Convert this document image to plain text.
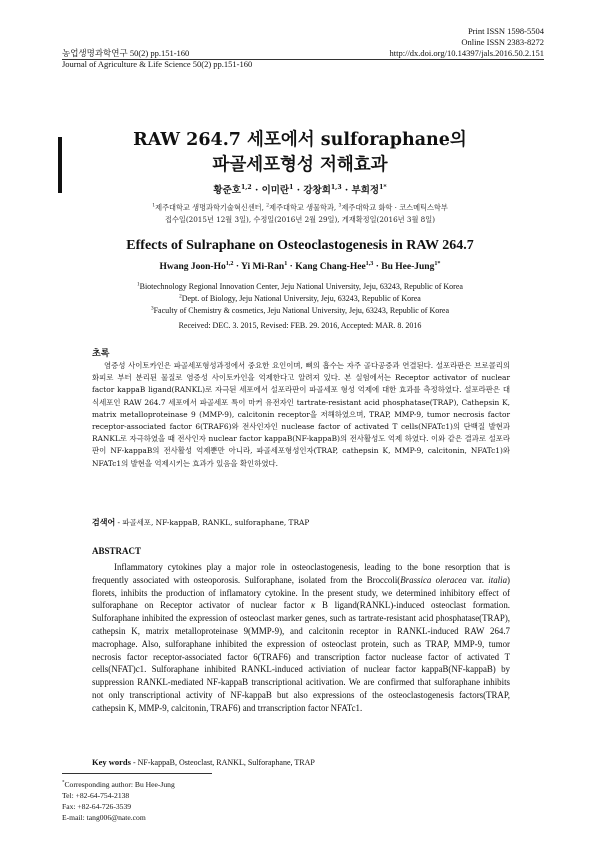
Print ISSN 1598-5504
Online ISSN 2383-8272
농업생명과학연구 50(2) pp.151-160
Journal of Agriculture & Life Science 50(2) pp.151-160
http://dx.doi.org/10.14397/jals.2016.50.2.151
RAW 264.7 세포에서 sulforaphane의
파골세포형성 저해효과
황준호$^{1,2}$ · 이미란$^1$ · 강창희$^{1,3}$ · 부희정$^{1*}$
$^1$제주대학교 생명과학기술혁신센터, $^2$제주대학교 생물학과, $^3$제주대학교 화학 · 코스메틱스학부
접수일(2015년 12월 3일), 수정일(2016년 2월 29일), 게재확정일(2016년 3월 8일)
Effects of Sulraphane on Osteoclastogenesis in RAW 264.7
Hwang Joon-Ho$^{1,2}$ · Yi Mi-Ran$^1$ · Kang Chang-Hee$^{1,3}$ · Bu Hee-Jung$^{1*}$
$^1$Biotechnology Regional Innovation Center, Jeju National University, Jeju, 63243, Republic of Korea
$^2$Dept. of Biology, Jeju National University, Jeju, 63243, Republic of Korea
$^3$Faculty of Chemistry & cosmetics, Jeju National University, Jeju, 63243, Republic of Korea
Received: DEC. 3. 2015, Revised: FEB. 29. 2016, Accepted: MAR. 8. 2016
초록
염증성 사이토카인은 파골세포형성과정에서 중요한 요인이며, 뼈의 흡수는 자주 골다공증과 연결된다. 설포라판은 브로콜리의 화피로 부터 분리된 물질로 염증성 사이토카인을 억제한다고 알려져 있다. 본 실험에서는 Receptor activator of nuclear factor kappaB ligand(RANKL)로 자극된 세포에서 설포라판이 파골세포 형성 억제에 대한 효과를 측정하였다. 설포라판은 대식세포인 RAW 264.7 세포에서 파골세포 특이 마커 유전자인 tartrate-resistant acid phosphatase(TRAP), Cathepsin K, matrix metalloproteinase 9 (MMP-9), calcitonin receptor을 저해하였으며, TRAP, MMP-9, tumor necrosis factor receptor-associated factor 6(TRAF6)와 전사인자인 nuclease factor of activated T cells(NFATc1)의 단백질 발현과 RANKL로 자극하였을 때 전사인자 nuclear factor kappaB(NF-kappaB)의 전사활성도 억제 하였다. 이와 같은 결과로 설포라판이 NF-kappaB의 전사활성 억제뿐만 아니라, 파골세포형성인자(TRAP, cathepsin K, MMP-9, calcitonin, NFATc1)와 NFATc1의 발현을 억제시키는 효과가 있음을 확인하였다.
검색어 - 파골세포, NF-kappaB, RANKL, sulforaphane, TRAP
ABSTRACT
Inflammatory cytokines play a major role in osteoclastogenesis, leading to the bone resorption that is frequently associated with osteoporosis. Sulforaphane, isolated from the Broccoli(Brassica oleracea var. italia) florets, inhibits the production of inflamatory cytokine. In the present study, we determined inhibitory effect of sulforaphane on Receptor activator of nuclear factor κ B ligand(RANKL)-induced osteoclast formation. Sulforaphane inhibited the expression of osteoclast marker genes, such as tartrate-resistant acid phosphatase(TRAP), cathepsin K, matrix metalloproteinase 9(MMP-9), and calcitonin receptor in RANKL-induced RAW 264.7 macrophage. Also, sulforaphane inhibited the expression of osteoclast protein, such as TRAP, MMP-9, tumor necrosis factor receptor-associated factor 6(TRAF6) and transcription factor nuclease factor of activated T cells(NFAT)c1. Sulforaphane inhibited RANKL-induced activiation of nuclear factor kappaB(NF-kappaB) by suppression RANKL-mediated NF-kappaB transcriptional acitivation. We are confirmed that sulforaphane inhibits not only transcriptional activity of NF-kappaB but also expressions of the osteoclastogenesis factors(TRAP, cathepsin K, MMP-9, calcitonin, TRAF6) and trranscription factor NFATc1.
Key words - NF-kappaB, Osteoclast, RANKL, Sulforaphane, TRAP
*Corresponding author: Bu Hee-Jung
Tel: +82-64-754-2138
Fax: +82-64-726-3539
E-mail: tang006@nate.com
